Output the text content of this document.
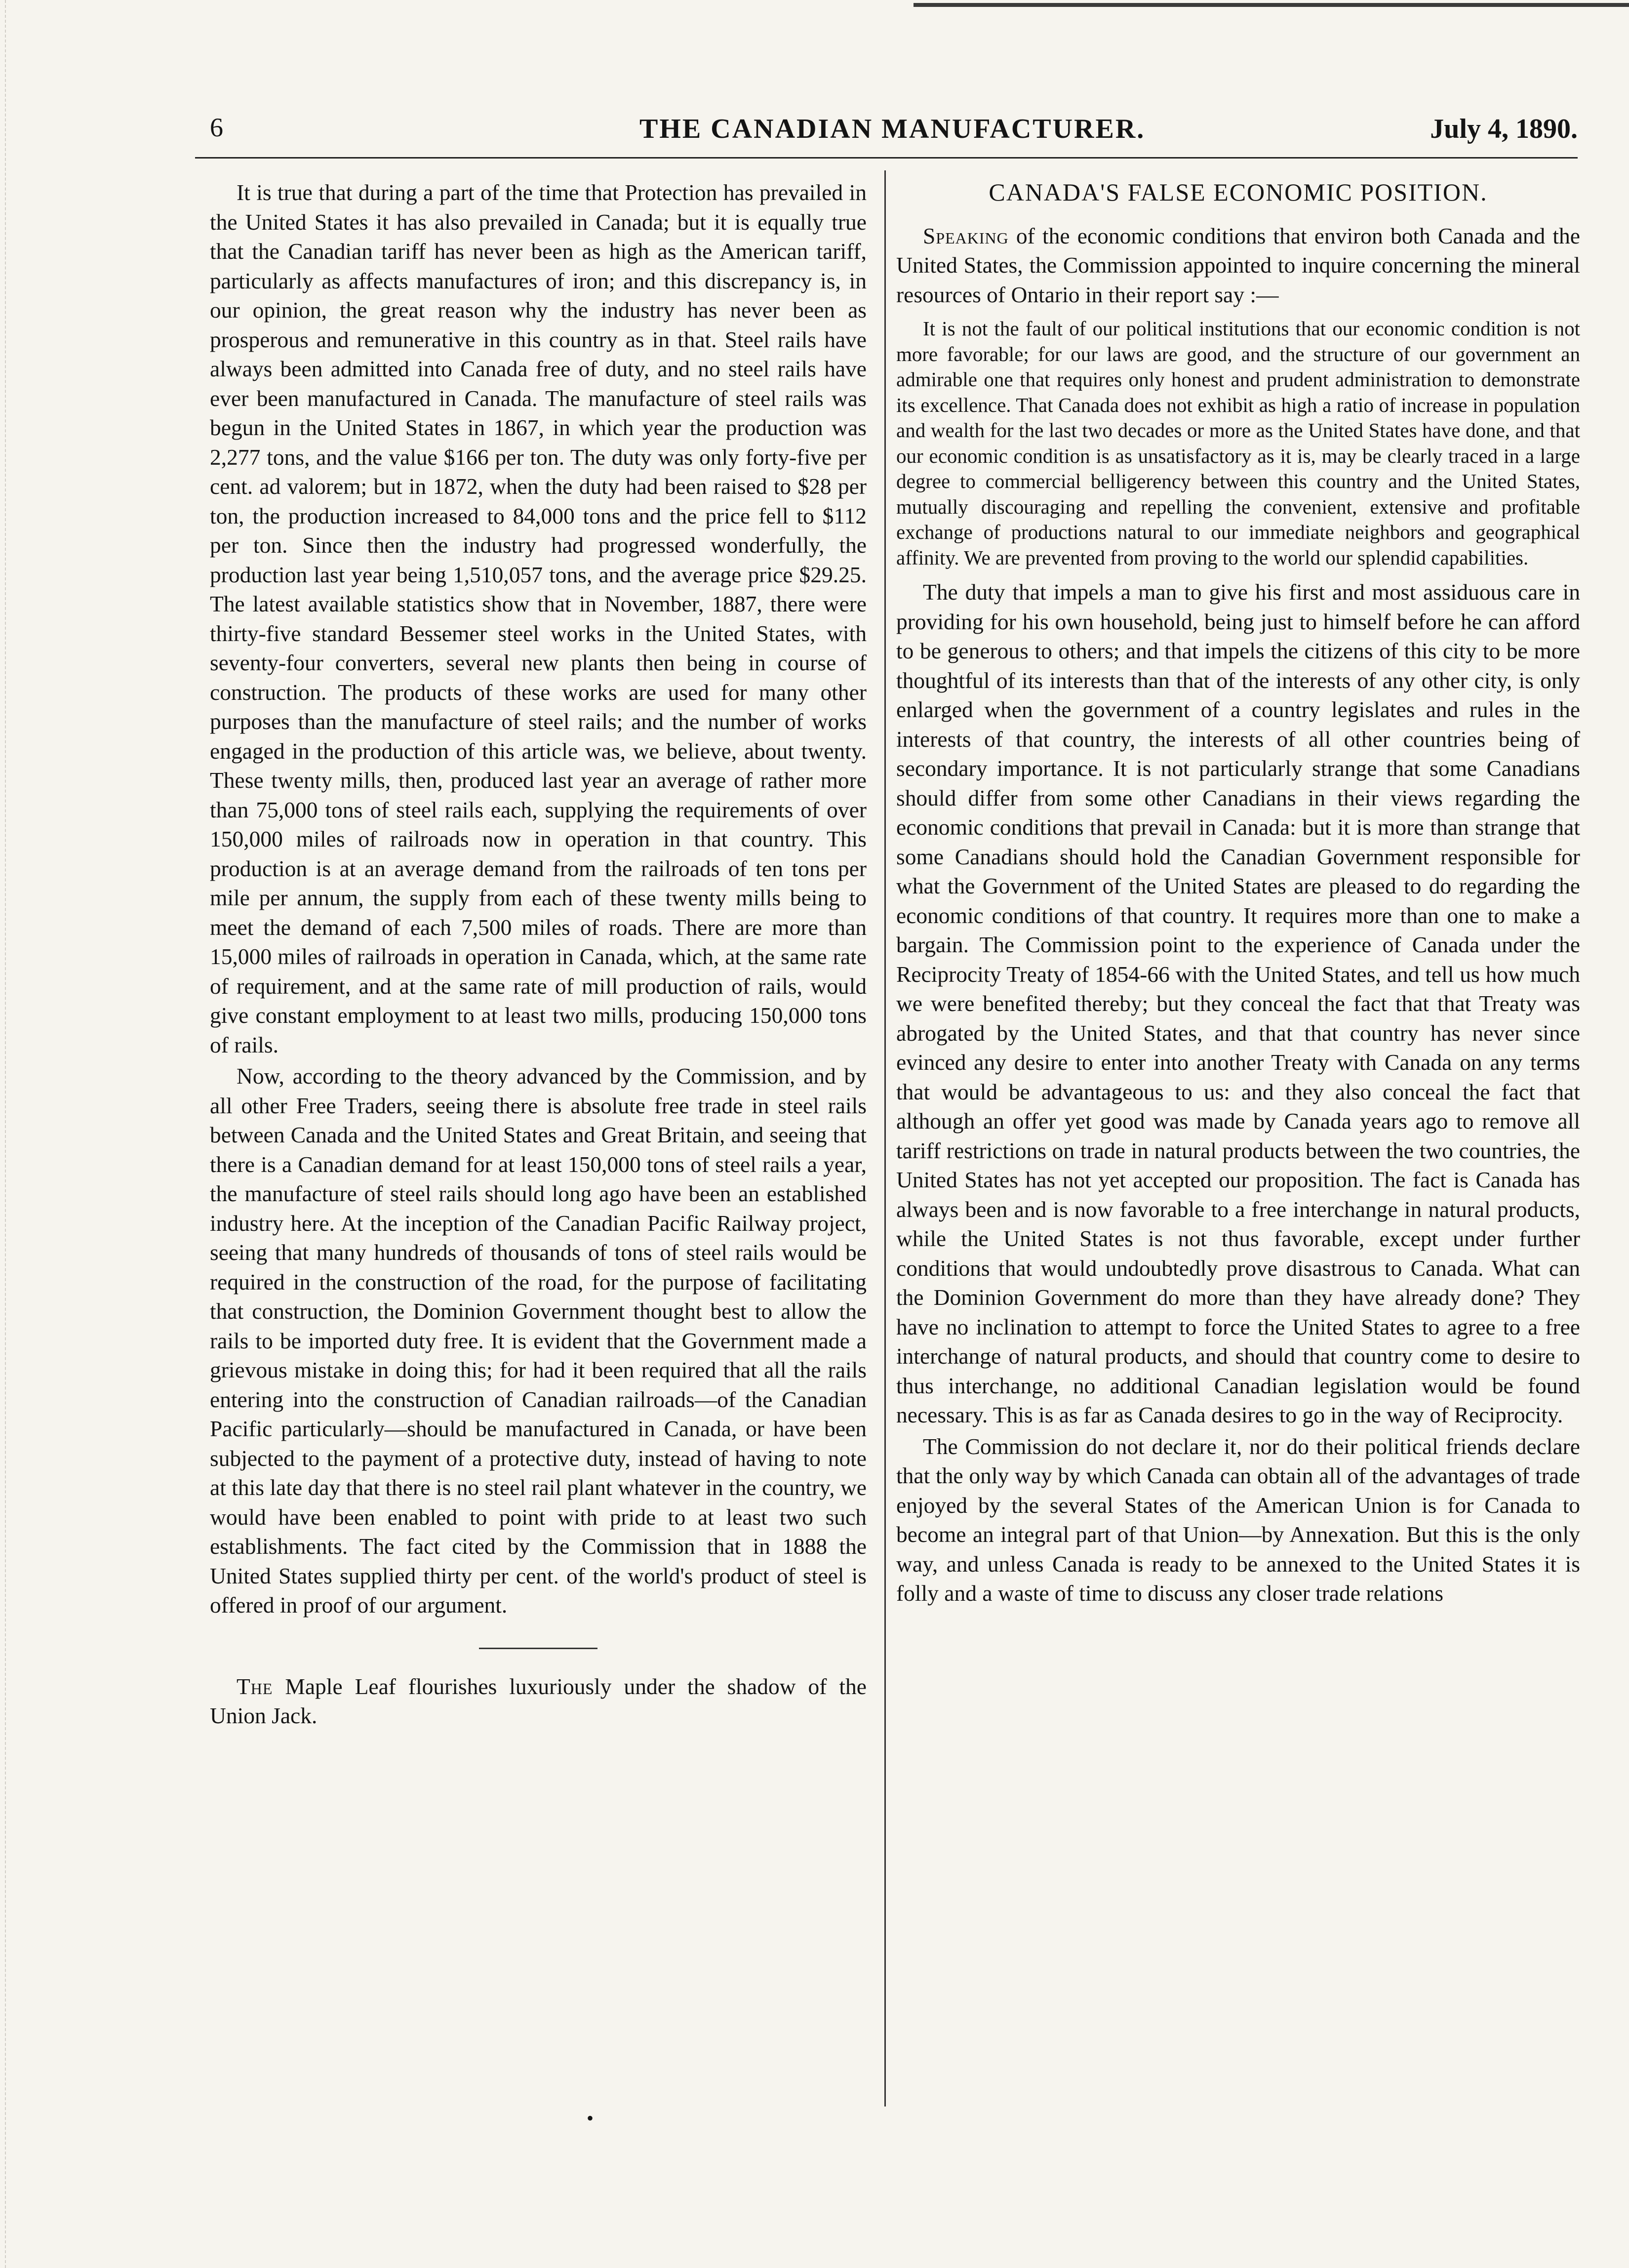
6	THE CANADIAN MANUFACTURER.	July 4, 1890.

It is true that during a part of the time that Protection has prevailed in the United States it has also prevailed in Canada; but it is equally true that the Canadian tariff has never been as high as the American tariff, particularly as affects manufactures of iron; and this discrepancy is, in our opinion, the great reason why the industry has never been as prosperous and remunerative in this country as in that. Steel rails have always been admitted into Canada free of duty, and no steel rails have ever been manufactured in Canada. The manufacture of steel rails was begun in the United States in 1867, in which year the production was 2,277 tons, and the value $166 per ton. The duty was only forty-five per cent. ad valorem; but in 1872, when the duty had been raised to $28 per ton, the production increased to 84,000 tons and the price fell to $112 per ton. Since then the industry had progressed wonderfully, the production last year being 1,510,057 tons, and the average price $29.25. The latest available statistics show that in November, 1887, there were thirty-five standard Bessemer steel works in the United States, with seventy-four converters, several new plants then being in course of construction. The products of these works are used for many other purposes than the manufacture of steel rails; and the number of works engaged in the production of this article was, we believe, about twenty. These twenty mills, then, produced last year an average of rather more than 75,000 tons of steel rails each, supplying the requirements of over 150,000 miles of railroads now in operation in that country. This production is at an average demand from the railroads of ten tons per mile per annum, the supply from each of these twenty mills being to meet the demand of each 7,500 miles of roads. There are more than 15,000 miles of railroads in operation in Canada, which, at the same rate of requirement, and at the same rate of mill production of rails, would give constant employment to at least two mills, producing 150,000 tons of rails.

Now, according to the theory advanced by the Commission, and by all other Free Traders, seeing there is absolute free trade in steel rails between Canada and the United States and Great Britain, and seeing that there is a Canadian demand for at least 150,000 tons of steel rails a year, the manufacture of steel rails should long ago have been an established industry here. At the inception of the Canadian Pacific Railway project, seeing that many hundreds of thousands of tons of steel rails would be required in the construction of the road, for the purpose of facilitating that construction, the Dominion Government thought best to allow the rails to be imported duty free. It is evident that the Government made a grievous mistake in doing this; for had it been required that all the rails entering into the construction of Canadian railroads—of the Canadian Pacific particularly—should be manufactured in Canada, or have been subjected to the payment of a protective duty, instead of having to note at this late day that there is no steel rail plant whatever in the country, we would have been enabled to point with pride to at least two such establishments. The fact cited by the Commission that in 1888 the United States supplied thirty per cent. of the world's product of steel is offered in proof of our argument.

The Maple Leaf flourishes luxuriously under the shadow of the Union Jack.

CANADA'S FALSE ECONOMIC POSITION.

Speaking of the economic conditions that environ both Canada and the United States, the Commission appointed to inquire concerning the mineral resources of Ontario in their report say :—

It is not the fault of our political institutions that our economic condition is not more favorable; for our laws are good, and the structure of our government an admirable one that requires only honest and prudent administration to demonstrate its excellence. That Canada does not exhibit as high a ratio of increase in population and wealth for the last two decades or more as the United States have done, and that our economic condition is as unsatisfactory as it is, may be clearly traced in a large degree to commercial belligerency between this country and the United States, mutually discouraging and repelling the convenient, extensive and profitable exchange of productions natural to our immediate neighbors and geographical affinity. We are prevented from proving to the world our splendid capabilities.

The duty that impels a man to give his first and most assiduous care in providing for his own household, being just to himself before he can afford to be generous to others; and that impels the citizens of this city to be more thoughtful of its interests than that of the interests of any other city, is only enlarged when the government of a country legislates and rules in the interests of that country, the interests of all other countries being of secondary importance. It is not particularly strange that some Canadians should differ from some other Canadians in their views regarding the economic conditions that prevail in Canada: but it is more than strange that some Canadians should hold the Canadian Government responsible for what the Government of the United States are pleased to do regarding the economic conditions of that country. It requires more than one to make a bargain. The Commission point to the experience of Canada under the Reciprocity Treaty of 1854-66 with the United States, and tell us how much we were benefited thereby; but they conceal the fact that that Treaty was abrogated by the United States, and that that country has never since evinced any desire to enter into another Treaty with Canada on any terms that would be advantageous to us: and they also conceal the fact that although an offer yet good was made by Canada years ago to remove all tariff restrictions on trade in natural products between the two countries, the United States has not yet accepted our proposition. The fact is Canada has always been and is now favorable to a free interchange in natural products, while the United States is not thus favorable, except under further conditions that would undoubtedly prove disastrous to Canada. What can the Dominion Government do more than they have already done? They have no inclination to attempt to force the United States to agree to a free interchange of natural products, and should that country come to desire to thus interchange, no additional Canadian legislation would be found necessary. This is as far as Canada desires to go in the way of Reciprocity.

The Commission do not declare it, nor do their political friends declare that the only way by which Canada can obtain all of the advantages of trade enjoyed by the several States of the American Union is for Canada to become an integral part of that Union—by Annexation. But this is the only way, and unless Canada is ready to be annexed to the United States it is folly and a waste of time to discuss any closer trade relations

•
